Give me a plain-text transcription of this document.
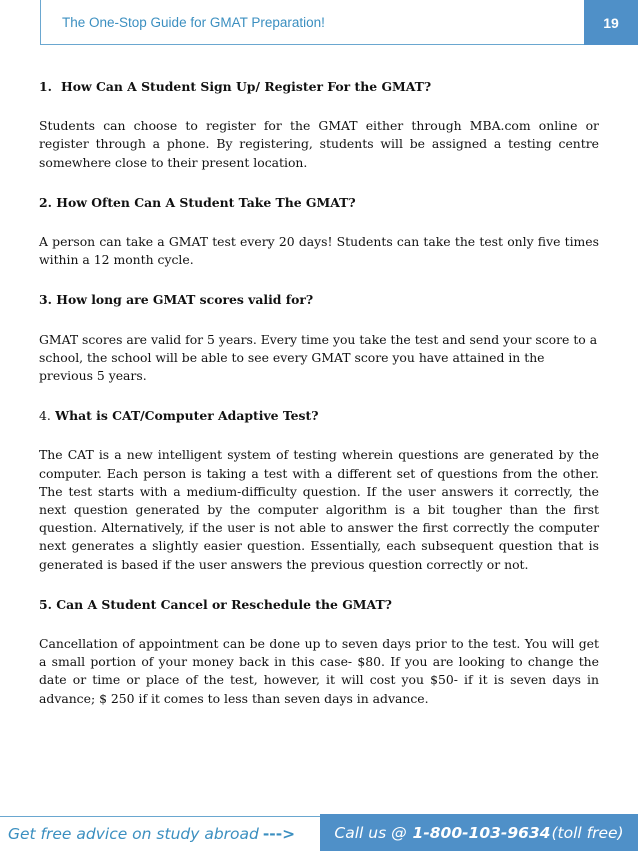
The One-Stop Guide for GMAT Preparation!	19
1. How Can A Student Sign Up/ Register For the GMAT?

Students can choose to register for the GMAT either through MBA.com online or register through a phone. By registering, students will be assigned a testing centre somewhere close to their present location.

2. How Often Can A Student Take The GMAT?

A person can take a GMAT test every 20 days! Students can take the test only five times within a 12 month cycle.

3. How long are GMAT scores valid for?

GMAT scores are valid for 5 years. Every time you take the test and send your score to a school, the school will be able to see every GMAT score you have attained in the previous 5 years.

4. What is CAT/Computer Adaptive Test?

The CAT is a new intelligent system of testing wherein questions are generated by the computer. Each person is taking a test with a different set of questions from the other. The test starts with a medium-difficulty question. If the user answers it correctly, the next question generated by the computer algorithm is a bit tougher than the first question. Alternatively, if the user is not able to answer the first correctly the computer next generates a slightly easier question. Essentially, each subsequent question that is generated is based if the user answers the previous question correctly or not.

5. Can A Student Cancel or Reschedule the GMAT?

Cancellation of appointment can be done up to seven days prior to the test. You will get a small portion of your money back in this case- $80. If you are looking to change the date or time or place of the test, however, it will cost you $50- if it is seven days in advance; $ 250 if it comes to less than seven days in advance.

Get free advice on study abroad --->	Call us @
1-800-103-9634 (toll free)
